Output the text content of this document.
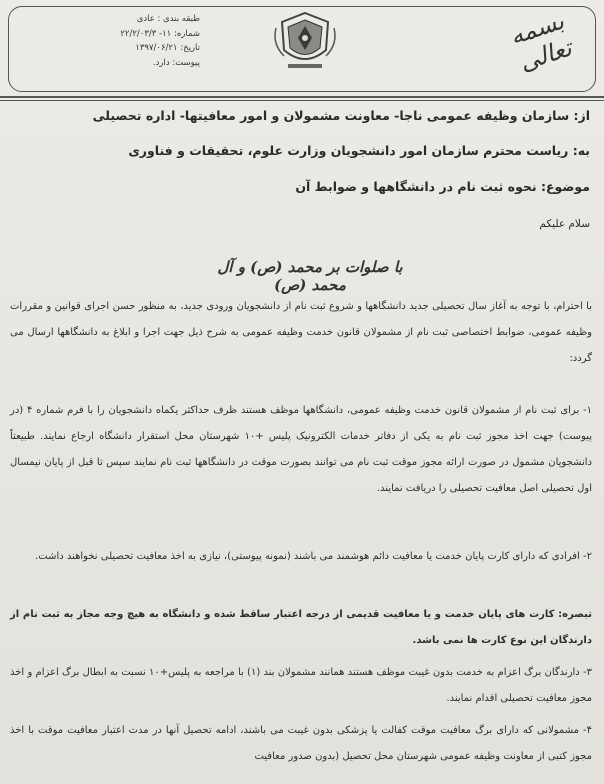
طبقه بندی : عادی
شماره: ۱۱- ۲۲/۲/۰۳/۳
تاریخ: ۱۳۹۷/۰۶/۲۱
پیوست: دارد.
بسمه تعالی
از: سازمان وظیفه عمومی ناجا- معاونت مشمولان و امور معافیتها- اداره تحصیلی
به: ریاست محترم سازمان امور دانشجویان وزارت علوم، تحقیقات و فناوری
موضوع: نحوه ثبت نام در دانشگاهها و ضوابط آن
سلام علیکم
با صلوات بر محمد (ص) و آل محمد (ص)
با احترام، با توجه به آغاز سال تحصیلی جدید دانشگاهها و شروع ثبت نام از دانشجویان ورودی جدید، به منظور حسن اجرای قوانین و مقررات وظیفه عمومی، ضوابط اختصاصی ثبت نام از مشمولان قانون خدمت وظیفه عمومی به شرح ذیل جهت اجرا و ابلاغ به دانشگاهها ارسال می گردد:
۱- برای ثبت نام از مشمولان قانون خدمت وظیفه عمومی، دانشگاهها موظف هستند ظرف حداکثر یکماه دانشجویان را با فرم شماره ۴ (در پیوست) جهت اخذ مجوز ثبت نام به یکی از دفاتر خدمات الکترونیک پلیس +۱۰ شهرستان محل استقرار دانشگاه ارجاع نمایند. طبیعتاً دانشجویان مشمول در صورت ارائه مجوز موقت ثبت نام می توانند بصورت موقت در دانشگاهها ثبت نام نمایند سپس تا قبل از پایان نیمسال اول تحصیلی اصل معافیت تحصیلی را دریافت نمایند.
۲- افرادی که دارای کارت پایان خدمت یا معافیت دائم هوشمند می باشند (نمونه پیوستی)، نیازی به اخذ معافیت تحصیلی نخواهند داشت.
تبصره: کارت های پایان خدمت و یا معافیت قدیمی از درجه اعتبار ساقط شده و دانشگاه به هیچ وجه مجاز به ثبت نام از دارندگان این نوع کارت ها نمی باشد.
۳- دارندگان برگ اعزام به خدمت بدون غیبت موظف هستند همانند مشمولان بند (۱) با مراجعه به پلیس+۱۰ نسبت به ابطال برگ اعزام و اخذ مجوز معافیت تحصیلی اقدام نمایند.
۴- مشمولانی که دارای برگ معافیت موقت کفالت یا پزشکی بدون غیبت می باشند، ادامه تحصیل آنها در مدت اعتبار معافیت موقت با اخذ مجوز کتبی از معاونت وظیفه عمومی شهرستان محل تحصیل (بدون صدور معافیت
